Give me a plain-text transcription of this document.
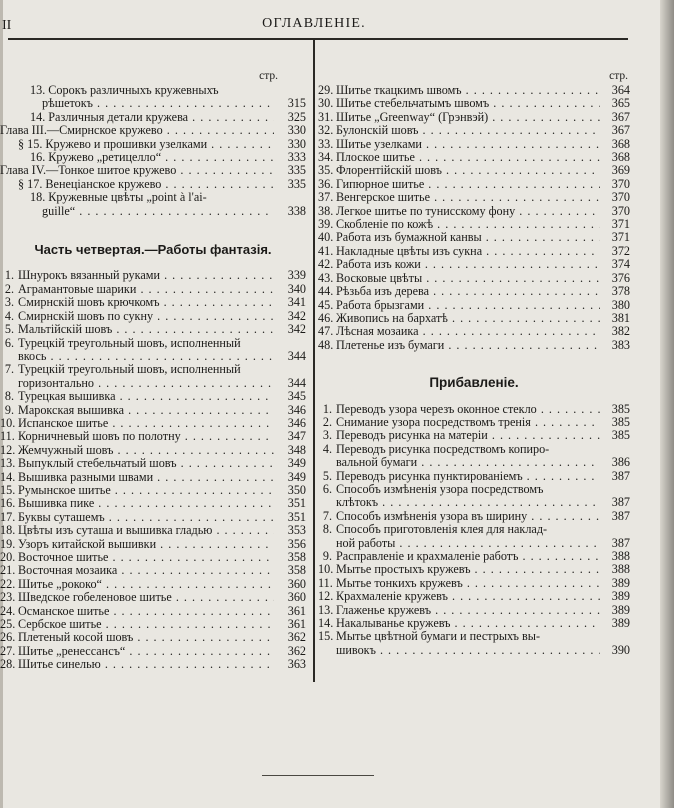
II	ОГЛАВЛЕНІЕ.
стр.
13. Сорокъ различныхъ кружевныхъ
рѣшетокъ . . .	315
14. Различныя детали кружева . . .	325
Глава III.—Смирнское кружево . . .	330
§ 15. Кружево и прошивки узелками . . .	330
16. Кружево „ретицелло“ . . .	333
Глава IV.—Тонкое шитое кружево . . .	335
§ 17. Венеціанское кружево . . .	335
18. Кружевные цвѣты „point à l'ai-
guille“ . . .	338
Часть четвертая.—Работы фантазія.
1. Шнурокъ вязанный руками . . .	339
2. Аграмантовые шарики . . .	340
3. Смирнскій шовъ крючкомъ . . .	341
4. Смирнскій шовъ по сукну . . .	342
5. Мальтійскій шовъ . . .	342
6. Турецкій треугольный шовъ, исполненный
вкось . . .	344
7. Турецкій треугольный шовъ, исполненный
горизонтально . . .	344
8. Турецкая вышивка . . .	345
9. Марокская вышивка . . .	346
10. Испанское шитье . . .	346
11. Корничневый шовъ по полотну . . .	347
12. Жемчужный шовъ . . .	348
13. Выпуклый стебельчатый шовъ . . .	349
14. Вышивка разными швами . . .	349
15. Румынское шитье . . .	350
16. Вышивка пике . . .	351
17. Буквы суташемъ . . .	351
18. Цвѣты изъ суташа и вышивка гладью . . .	353
19. Узоръ китайской вышивки . . .	356
20. Восточное шитье . . .	358
21. Восточная мозаика . . .	358
22. Шитье „рококо“ . . .	360
23. Шведское гобеленовое шитье . . .	360
24. Османское шитье . . .	361
25. Сербское шитье . . .	361
26. Плетеный косой шовъ . . .	362
27. Шитье „ренессансъ“ . . .	362
28. Шитье синелью . . .	363
стр.
29. Шитье ткацкимъ швомъ . . .	364
30. Шитье стебельчатымъ швомъ . . .	365
31. Шитье „Greenway“ (Грэнвэй) . . .	367
32. Булонскій шовъ . . .	367
33. Шитье узелками . . .	368
34. Плоское шитье . . .	368
35. Флорентійскій шовъ . . .	369
36. Гипюрное шитье . . .	370
37. Венгерское шитье . . .	370
38. Легкое шитье по тунисскому фону . . .	370
39. Скобленіе по кожѣ . . .	371
40. Работа изъ бумажной канвы . . .	371
41. Накладные цвѣты изъ сукна . . .	372
42. Работа изъ кожи . . .	374
43. Восковые цвѣты . . .	376
44. Рѣзьба изъ дерева . . .	378
45. Работа брызгами . . .	380
46. Живопись на бархатѣ . . .	381
47. Лѣсная мозаика . . .	382
48. Плетенье изъ бумаги . . .	383
Прибавленіе.
1. Переводъ узора черезъ оконное стекло . . .	385
2. Снимание узора посредствомъ тренія . . .	385
3. Переводъ рисунка на матеріи . . .	385
4. Переводъ рисунка посредствомъ копиро-
вальной бумаги . . .	386
5. Переводъ рисунка пунктированіемъ . . .	387
6. Способъ измѣненія узора посредствомъ
клѣтокъ . . .	387
7. Способъ измѣненія узора въ ширину . . .	387
8. Способъ приготовленія клея для наклад-
ной работы . . .	387
9. Расправленіе и крахмаленіе работъ . . .	388
10. Мытье простыхъ кружевъ . . .	388
11. Мытье тонкихъ кружевъ . . .	389
12. Крахмаленіе кружевъ . . .	389
13. Глаженье кружевъ . . .	389
14. Накалыванье кружевъ . . .	389
15. Мытье цвѣтной бумаги и пестрыхъ вы-
шивокъ . . .	390
